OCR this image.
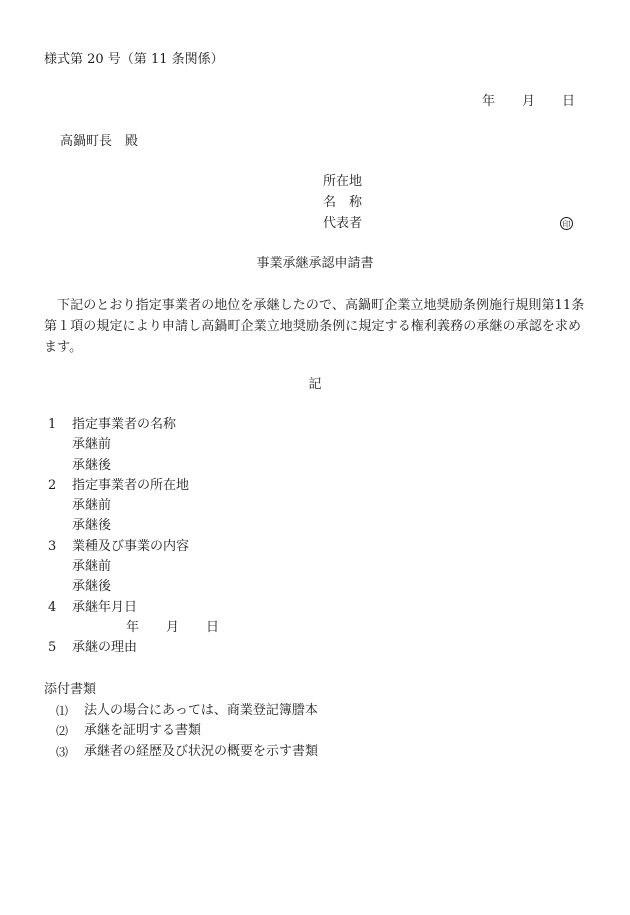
様式第 20 号（第 11 条関係）
年 月 日
高鍋町長　殿
所在地
名　称
代表者	印
事業承継承認申請書
下記のとおり指定事業者の地位を承継したので、高鍋町企業立地奨励条例施行規則第11条第１項の規定により申請し高鍋町企業立地奨励条例に規定する権利義務の承継の承認を求めます。
記
1 指定事業者の名称
承継前
承継後
2 指定事業者の所在地
承継前
承継後
3 業種及び事業の内容
承継前
承継後
4 承継年月日
年 月 日
5 承継の理由
添付書類
⑴ 法人の場合にあっては、商業登記簿謄本
⑵ 承継を証明する書類
⑶ 承継者の経歴及び状況の概要を示す書類
